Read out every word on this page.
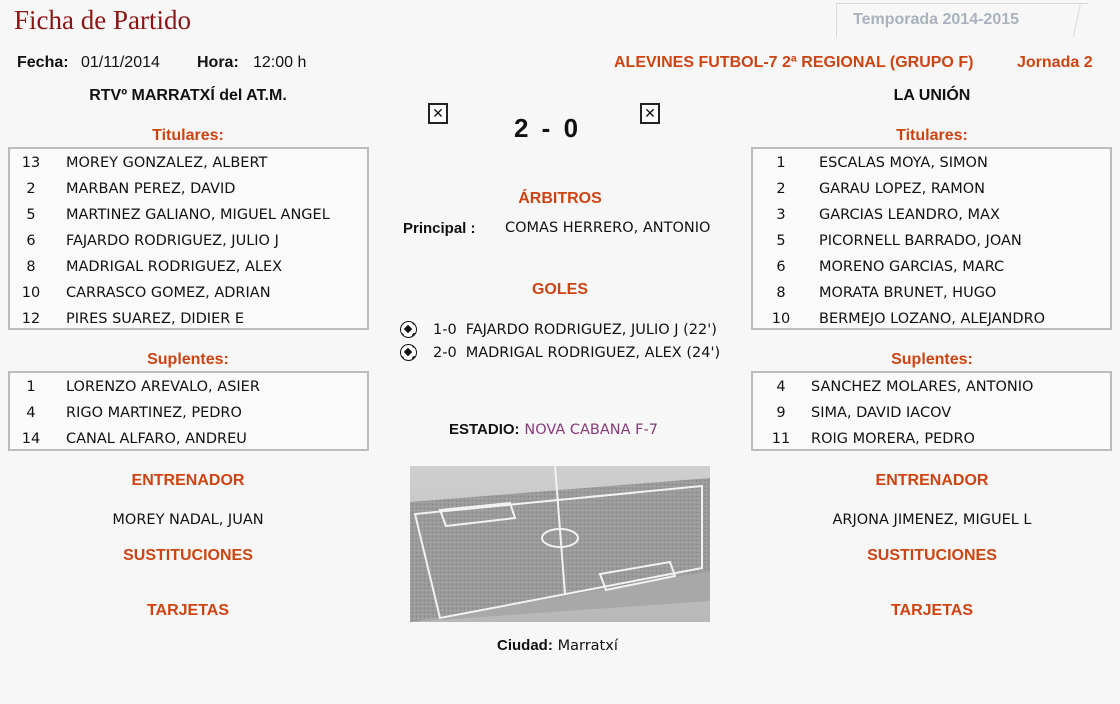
Ficha de Partido	Temporada 2014-2015
Fecha: 01/11/2014 Hora: 12:00 h	ALEVINES FUTBOL-7 2ª REGIONAL (GRUPO F)	Jornada 2
RTVº MARRATXÍ del AT.M.	LA UNIÓN
✕	✕
2 - 0
Titulares:
13	MOREY GONZALEZ, ALBERT
2	MARBAN PEREZ, DAVID
5	MARTINEZ GALIANO, MIGUEL ANGEL
6	FAJARDO RODRIGUEZ, JULIO J
8	MADRIGAL RODRIGUEZ, ALEX
10	CARRASCO GOMEZ, ADRIAN
12	PIRES SUAREZ, DIDIER E
Suplentes:
1	LORENZO AREVALO, ASIER
4	RIGO MARTINEZ, PEDRO
14	CANAL ALFARO, ANDREU
ENTRENADOR
MOREY NADAL, JUAN
SUSTITUCIONES
TARJETAS
Titulares:
1	ESCALAS MOYA, SIMON
2	GARAU LOPEZ, RAMON
3	GARCIAS LEANDRO, MAX
5	PICORNELL BARRADO, JOAN
6	MORENO GARCIAS, MARC
8	MORATA BRUNET, HUGO
10	BERMEJO LOZANO, ALEJANDRO
Suplentes:
4	SANCHEZ MOLARES, ANTONIO
9	SIMA, DAVID IACOV
11	ROIG MORERA, PEDRO
ENTRENADOR
ARJONA JIMENEZ, MIGUEL L
SUSTITUCIONES
TARJETAS
ÁRBITROS
Principal : COMAS HERRERO, ANTONIO
GOLES
1-0 FAJARDO RODRIGUEZ, JULIO J (22')
2-0 MADRIGAL RODRIGUEZ, ALEX (24')
ESTADIO: NOVA CABANA F-7
Ciudad: Marratxí
